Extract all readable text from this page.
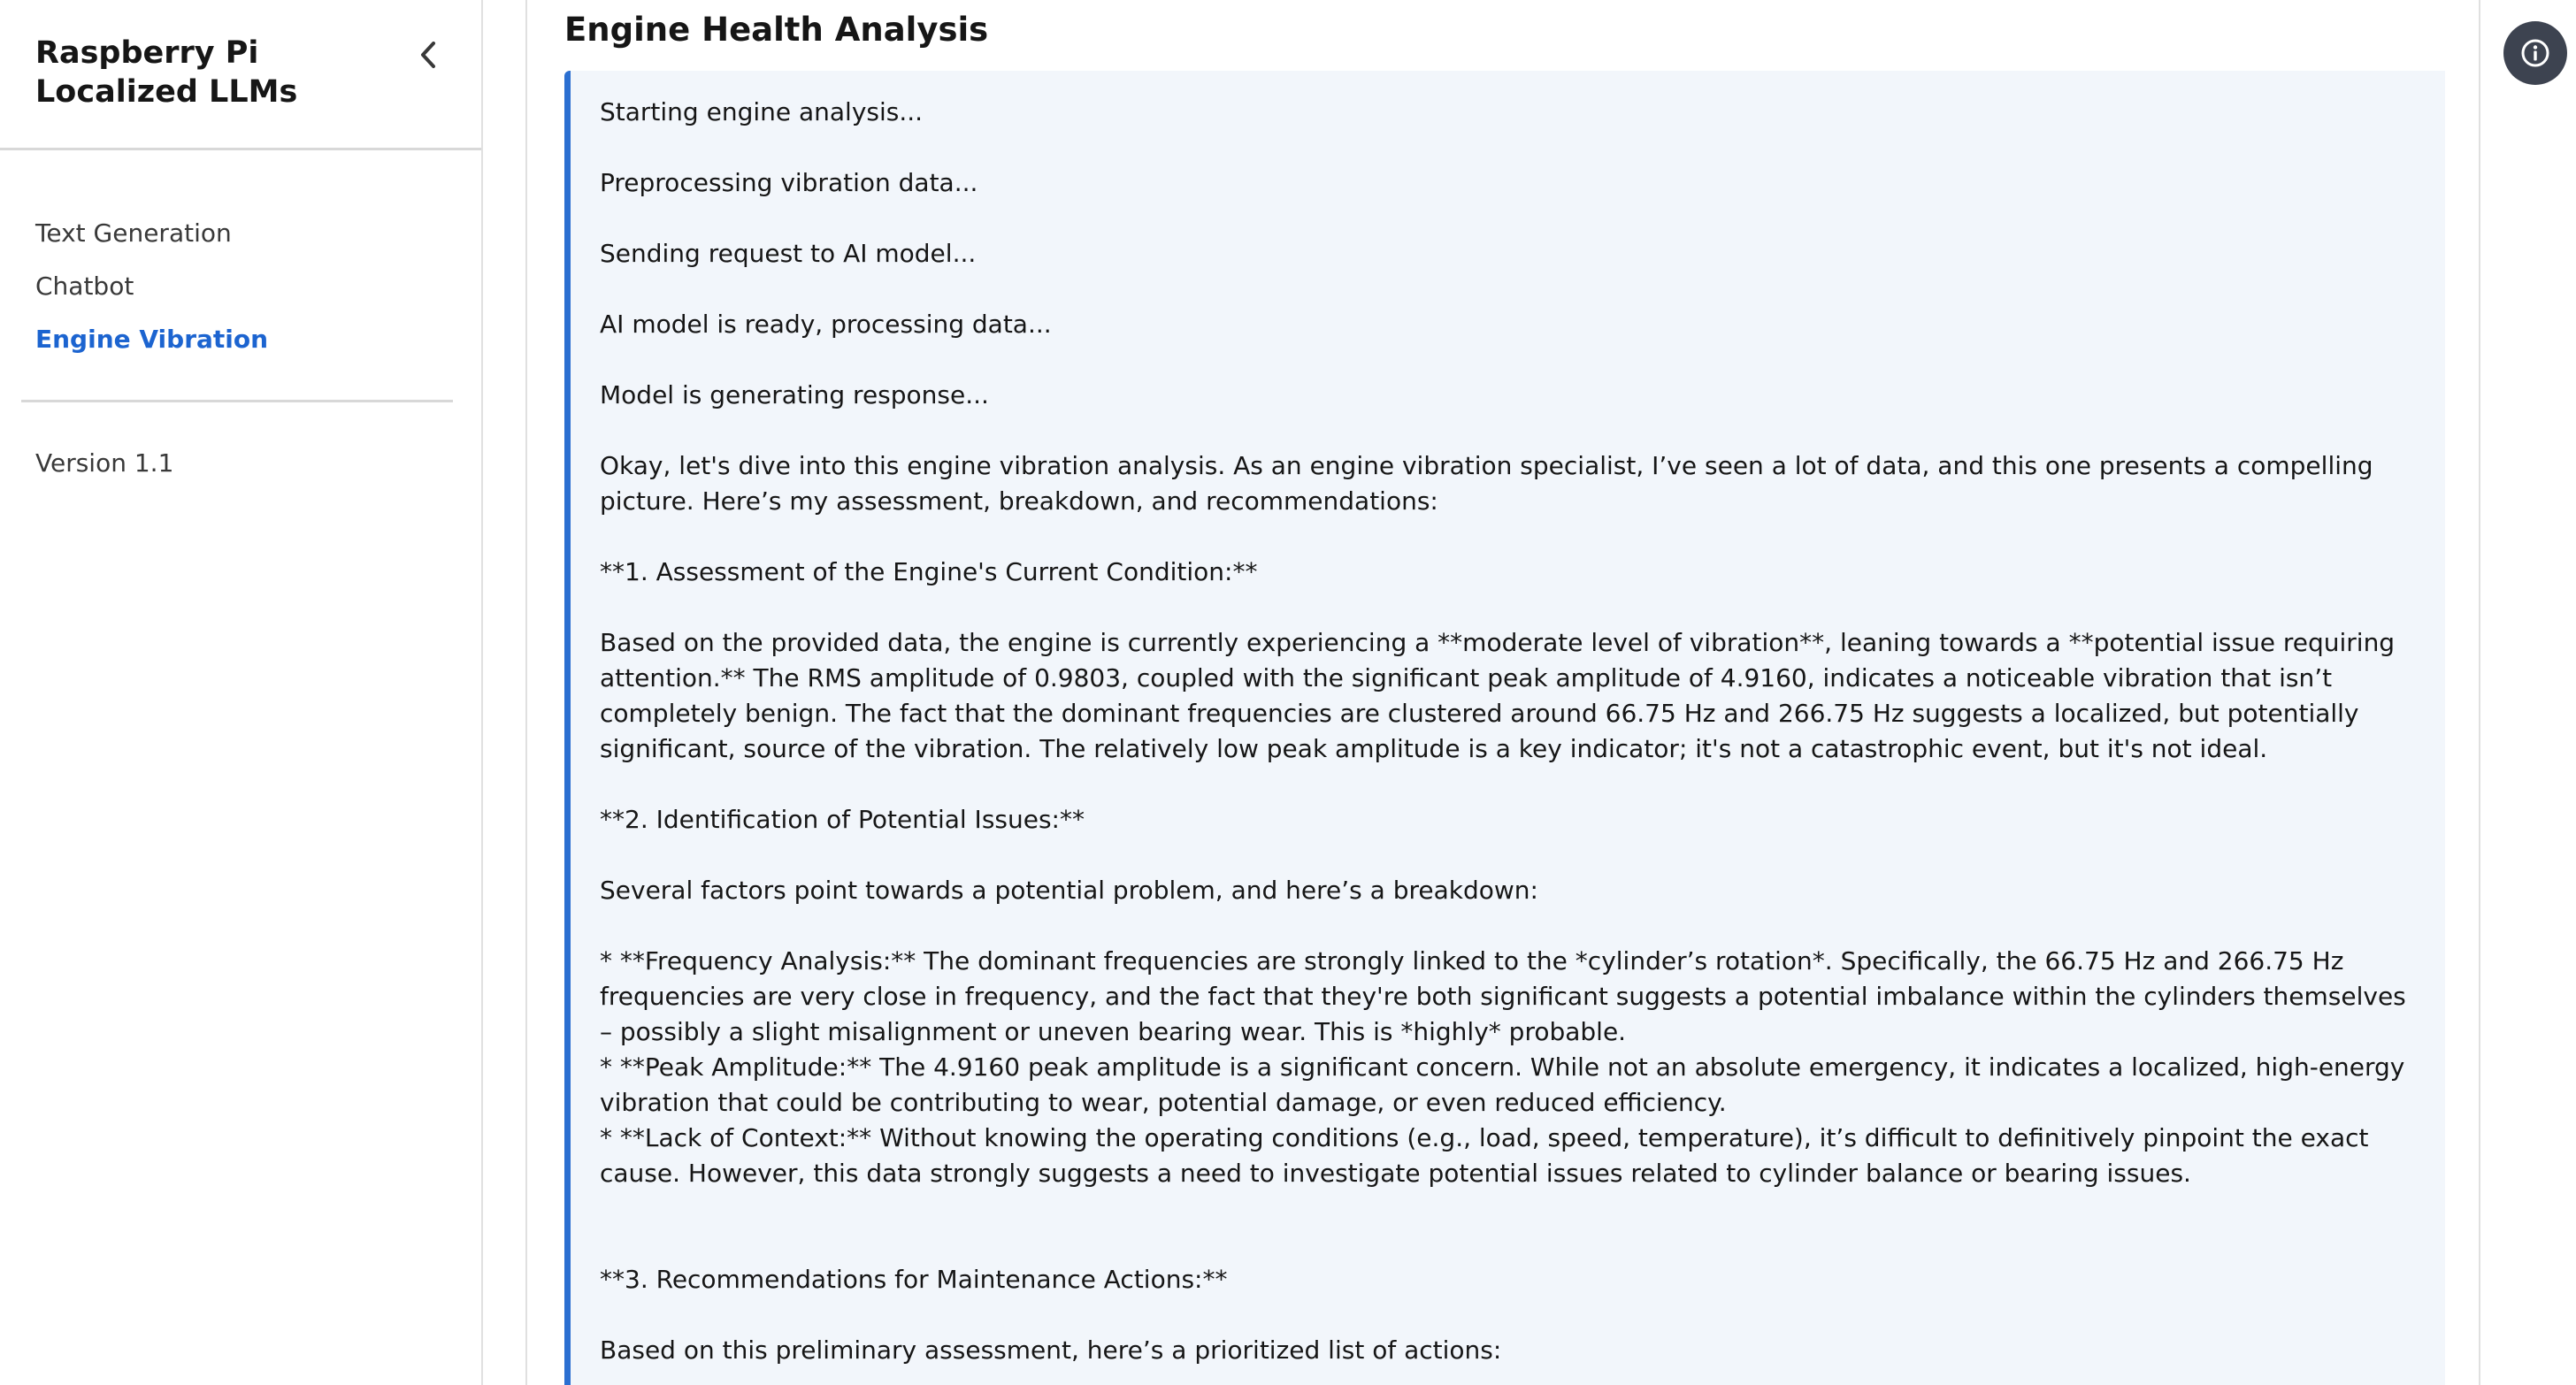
Raspberry Pi
Localized LLMs
Text Generation
Chatbot
Engine Vibration
Version 1.1
Engine Health Analysis

Starting engine analysis...

Preprocessing vibration data...

Sending request to AI model...

AI model is ready, processing data...

Model is generating response...

Okay, let's dive into this engine vibration analysis. As an engine vibration specialist, I’ve seen a lot of data, and this one presents a compelling picture. Here’s my assessment, breakdown, and recommendations:

**1. Assessment of the Engine's Current Condition:**

Based on the provided data, the engine is currently experiencing a **moderate level of vibration**, leaning towards a **potential issue requiring attention.** The RMS amplitude of 0.9803, coupled with the significant peak amplitude of 4.9160, indicates a noticeable vibration that isn’t completely benign. The fact that the dominant frequencies are clustered around 66.75 Hz and 266.75 Hz suggests a localized, but potentially significant, source of the vibration. The relatively low peak amplitude is a key indicator; it's not a catastrophic event, but it's not ideal.

**2. Identification of Potential Issues:**

Several factors point towards a potential problem, and here’s a breakdown:

* **Frequency Analysis:** The dominant frequencies are strongly linked to the *cylinder’s rotation*. Specifically, the 66.75 Hz and 266.75 Hz frequencies are very close in frequency, and the fact that they're both significant suggests a potential imbalance within the cylinders themselves – possibly a slight misalignment or uneven bearing wear. This is *highly* probable.

* **Peak Amplitude:** The 4.9160 peak amplitude is a significant concern. While not an absolute emergency, it indicates a localized, high-energy vibration that could be contributing to wear, potential damage, or even reduced efficiency.

* **Lack of Context:** Without knowing the operating conditions (e.g., load, speed, temperature), it’s difficult to definitively pinpoint the exact cause. However, this data strongly suggests a need to investigate potential issues related to cylinder balance or bearing issues.

**3. Recommendations for Maintenance Actions:**

Based on this preliminary assessment, here’s a prioritized list of actions:
